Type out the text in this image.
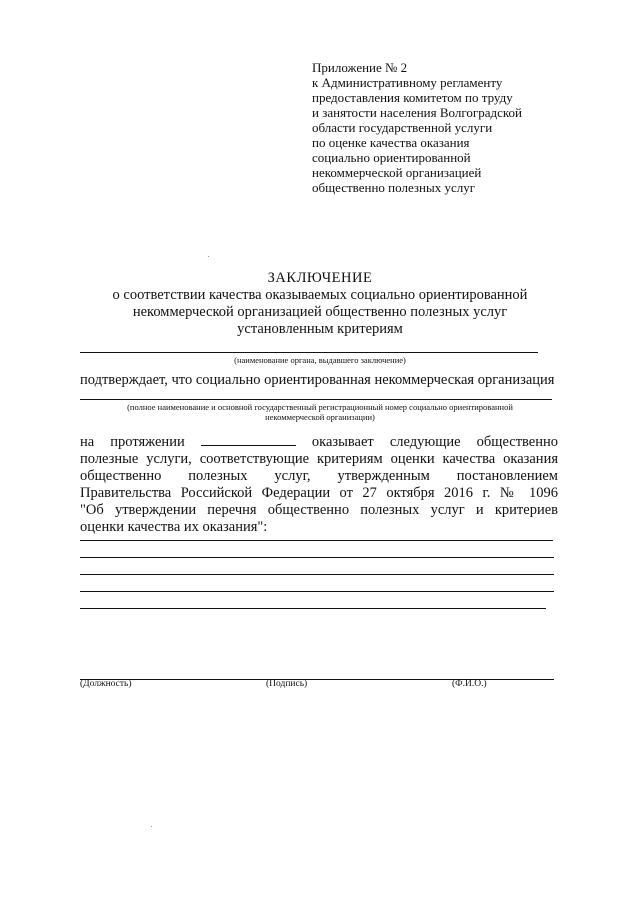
Приложение № 2
к Административному регламенту
предоставления комитетом по труду
и занятости населения Волгоградской
области государственной услуги
по оценке качества оказания
социально ориентированной
некоммерческой организацией
общественно полезных услуг
ЗАКЛЮЧЕНИЕ
о соответствии качества оказываемых социально ориентированной
некоммерческой организацией общественно полезных услуг
установленным критериям
(наименование органа, выдавшего заключение)
подтверждает, что социально ориентированная некоммерческая организация
(полное наименование и основной государственный регистрационный номер социально ориентированной
некоммерческой организации)
на протяжении	оказывает следующие общественно
полезные услуги, соответствующие критериям оценки качества оказания
общественно полезных услуг, утвержденным постановлением
Правительства Российской Федерации от 27 октября 2016 г. № 1096
"Об утверждении перечня общественно полезных услуг и критериев
оценки качества их оказания":
(Должность)	(Подпись)	(Ф.И.О.)
